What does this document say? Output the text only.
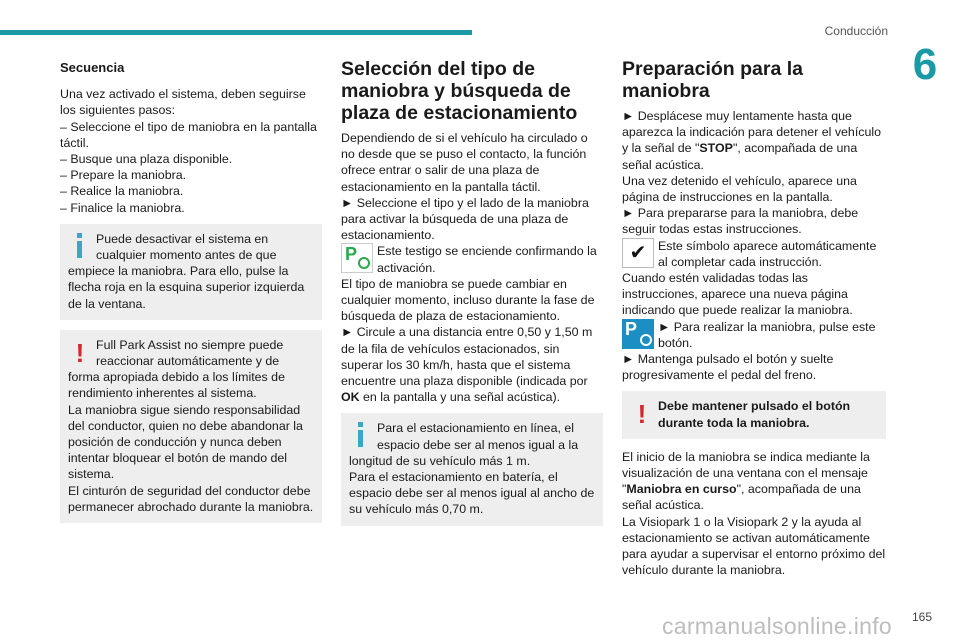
Conducción
6
Secuencia

Una vez activado el sistema, deben seguirse los siguientes pasos:

– Seleccione el tipo de maniobra en la pantalla táctil.

– Busque una plaza disponible.

– Prepare la maniobra.

– Realice la maniobra.

– Finalice la maniobra.

Puede desactivar el sistema en cualquier momento antes de que empiece la maniobra. Para ello, pulse la flecha roja en la esquina superior izquierda de la ventana.
! Full Park Assist no siempre puede reaccionar automáticamente y de forma apropiada debido a los límites de rendimiento inherentes al sistema.
La maniobra sigue siendo responsabilidad del conductor, quien no debe abandonar la posición de conducción y nunca deben intentar bloquear el botón de mando del sistema.
El cinturón de seguridad del conductor debe permanecer abrochado durante la maniobra.
Selección del tipo de maniobra y búsqueda de plaza de estacionamiento

Dependiendo de si el vehículo ha circulado o no desde que se puso el contacto, la función ofrece entrar o salir de una plaza de estacionamiento en la pantalla táctil.

► Seleccione el tipo y el lado de la maniobra para activar la búsqueda de una plaza de estacionamiento.

P Este testigo se enciende confirmando la activación.

El tipo de maniobra se puede cambiar en cualquier momento, incluso durante la fase de búsqueda de plaza de estacionamiento.

► Circule a una distancia entre 0,50 y 1,50 m de la fila de vehículos estacionados, sin superar los 30 km/h, hasta que el sistema encuentre una plaza disponible (indicada por OK en la pantalla y una señal acústica).

Para el estacionamiento en línea, el espacio debe ser al menos igual a la longitud de su vehículo más 1 m.
Para el estacionamiento en batería, el espacio debe ser al menos igual al ancho de su vehículo más 0,70 m.
Preparación para la maniobra

► Desplácese muy lentamente hasta que aparezca la indicación para detener el vehículo y la señal de "STOP", acompañada de una señal acústica.

Una vez detenido el vehículo, aparece una página de instrucciones en la pantalla.

► Para prepararse para la maniobra, debe seguir todas estas instrucciones.

✔ Este símbolo aparece automáticamente al completar cada instrucción.

Cuando estén validadas todas las instrucciones, aparece una nueva página indicando que puede realizar la maniobra.

P ► Para realizar la maniobra, pulse este botón.

► Mantenga pulsado el botón y suelte progresivamente el pedal del freno.

! Debe mantener pulsado el botón durante toda la maniobra.

El inicio de la maniobra se indica mediante la visualización de una ventana con el mensaje "Maniobra en curso", acompañada de una señal acústica.

La Visiopark 1 o la Visiopark 2 y la ayuda al estacionamiento se activan automáticamente para ayudar a supervisar el entorno próximo del vehículo durante la maniobra.

165
carmanualsonline.info
